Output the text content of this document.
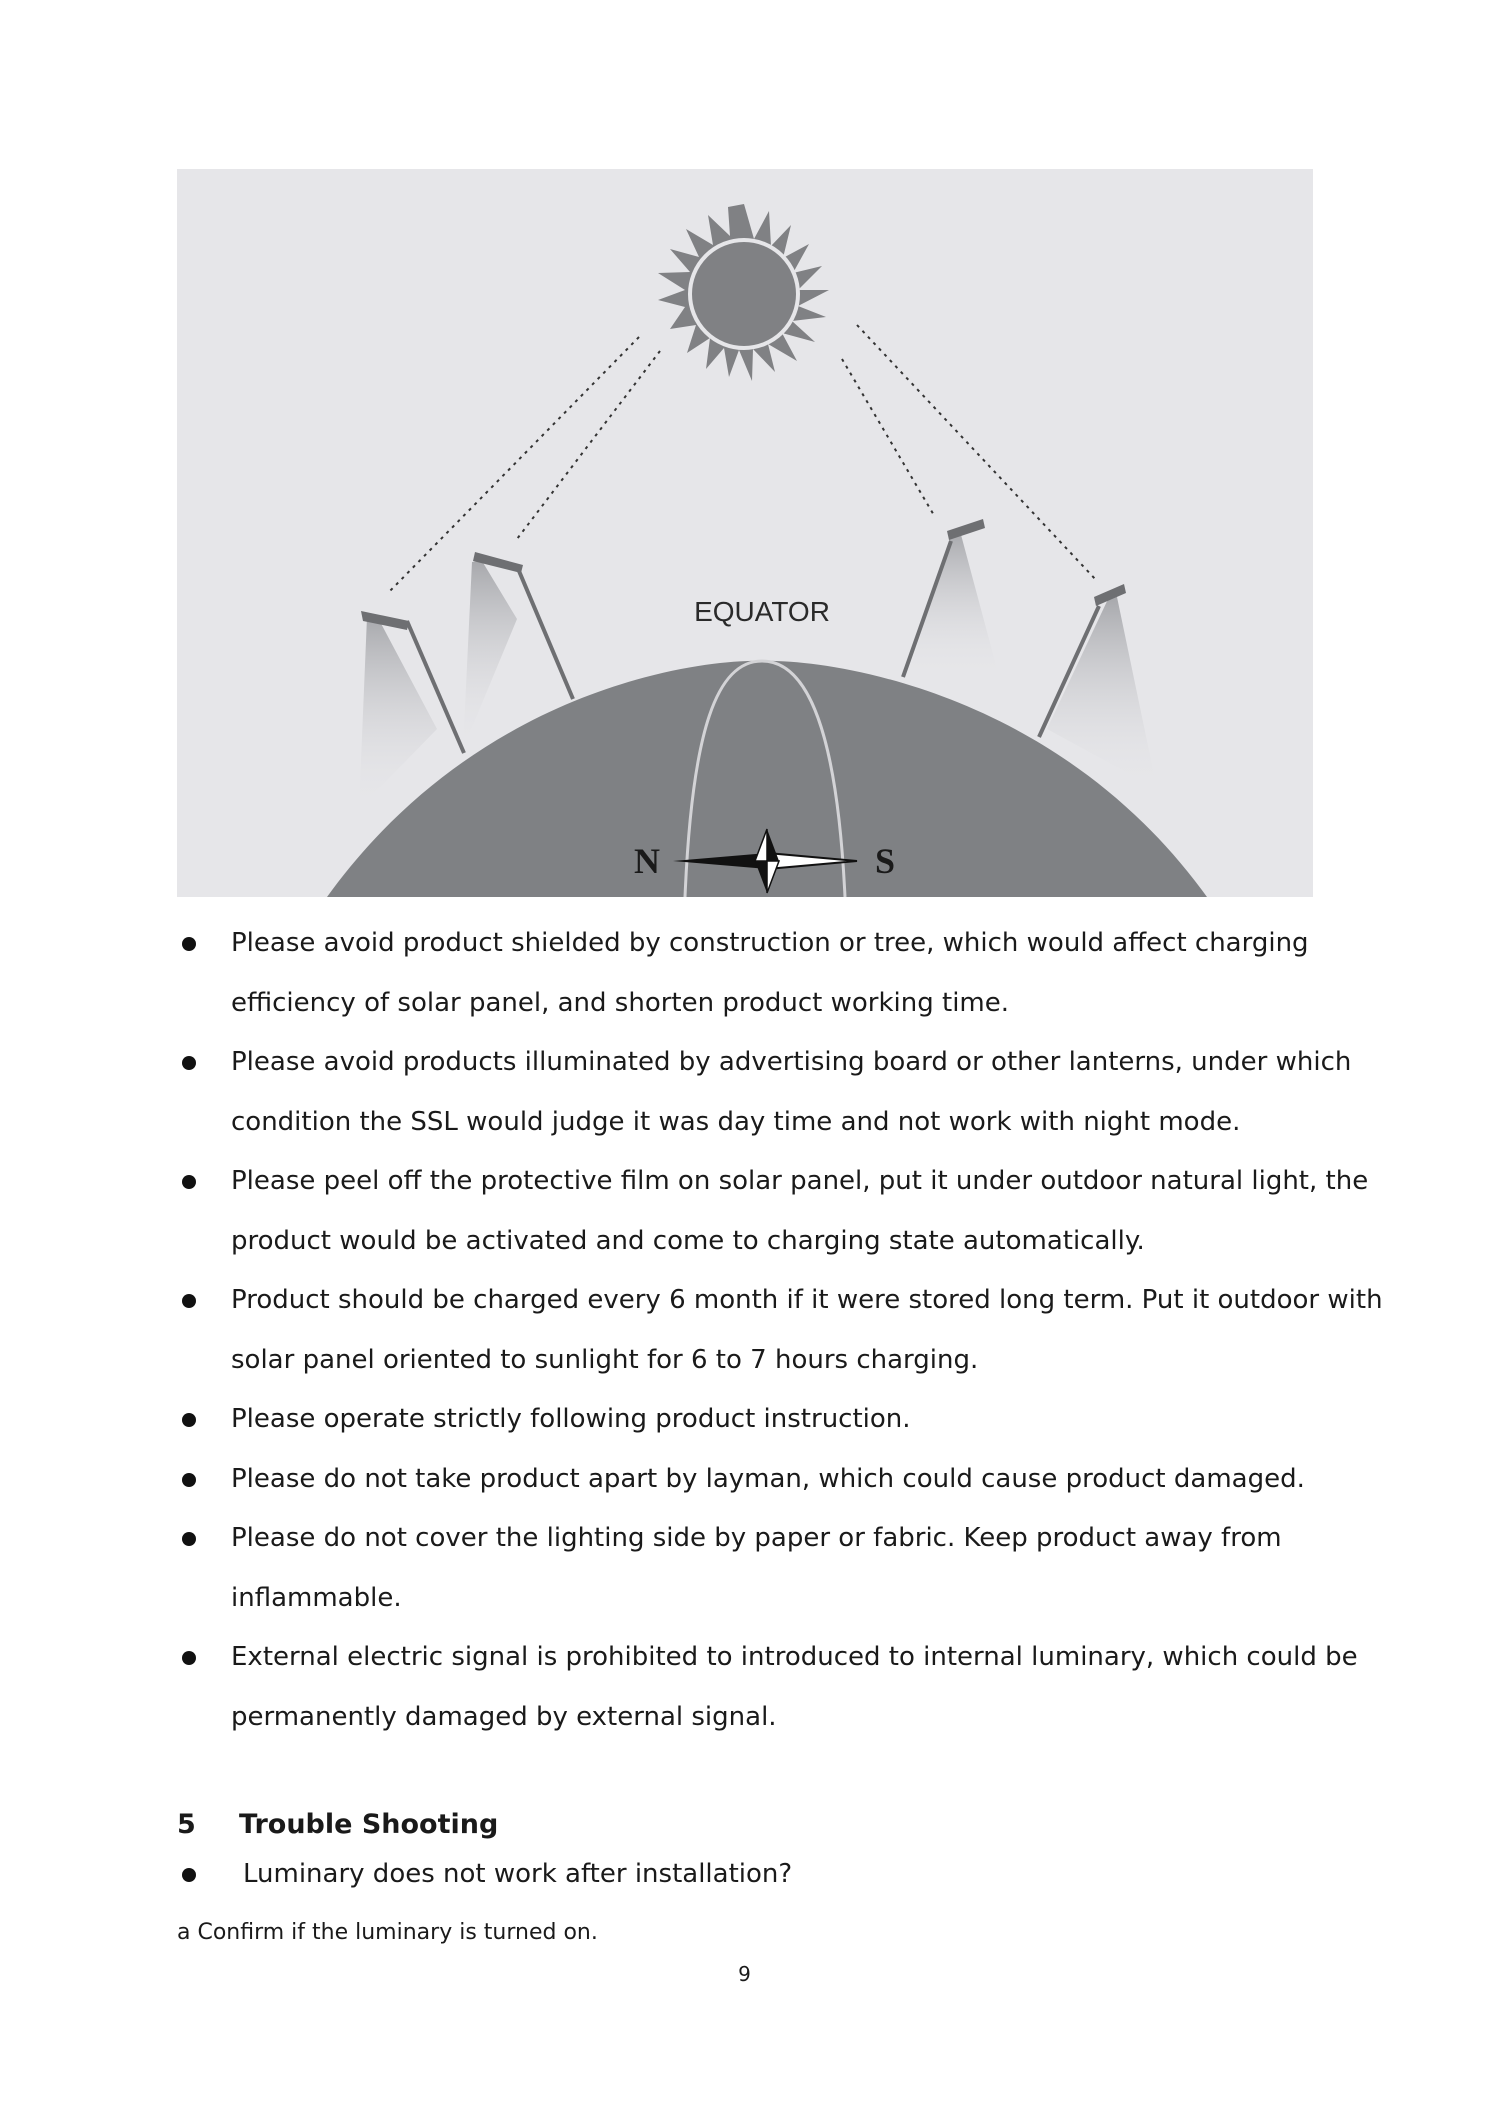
EQUATOR
N	S
Please avoid product shielded by construction or tree, which would affect charging
efficiency of solar panel, and shorten product working time.
Please avoid products illuminated by advertising board or other lanterns, under which
condition the SSL would judge it was day time and not work with night mode.
Please peel off the protective film on solar panel, put it under outdoor natural light, the
product would be activated and come to charging state automatically.
Product should be charged every 6 month if it were stored long term. Put it outdoor with
solar panel oriented to sunlight for 6 to 7 hours charging.
Please operate strictly following product instruction.
Please do not take product apart by layman, which could cause product damaged.
Please do not cover the lighting side by paper or fabric. Keep product away from
inflammable.
External electric signal is prohibited to introduced to internal luminary, which could be
permanently damaged by external signal.
5 Trouble Shooting
Luminary does not work after installation?
a Confirm if the luminary is turned on.
9
